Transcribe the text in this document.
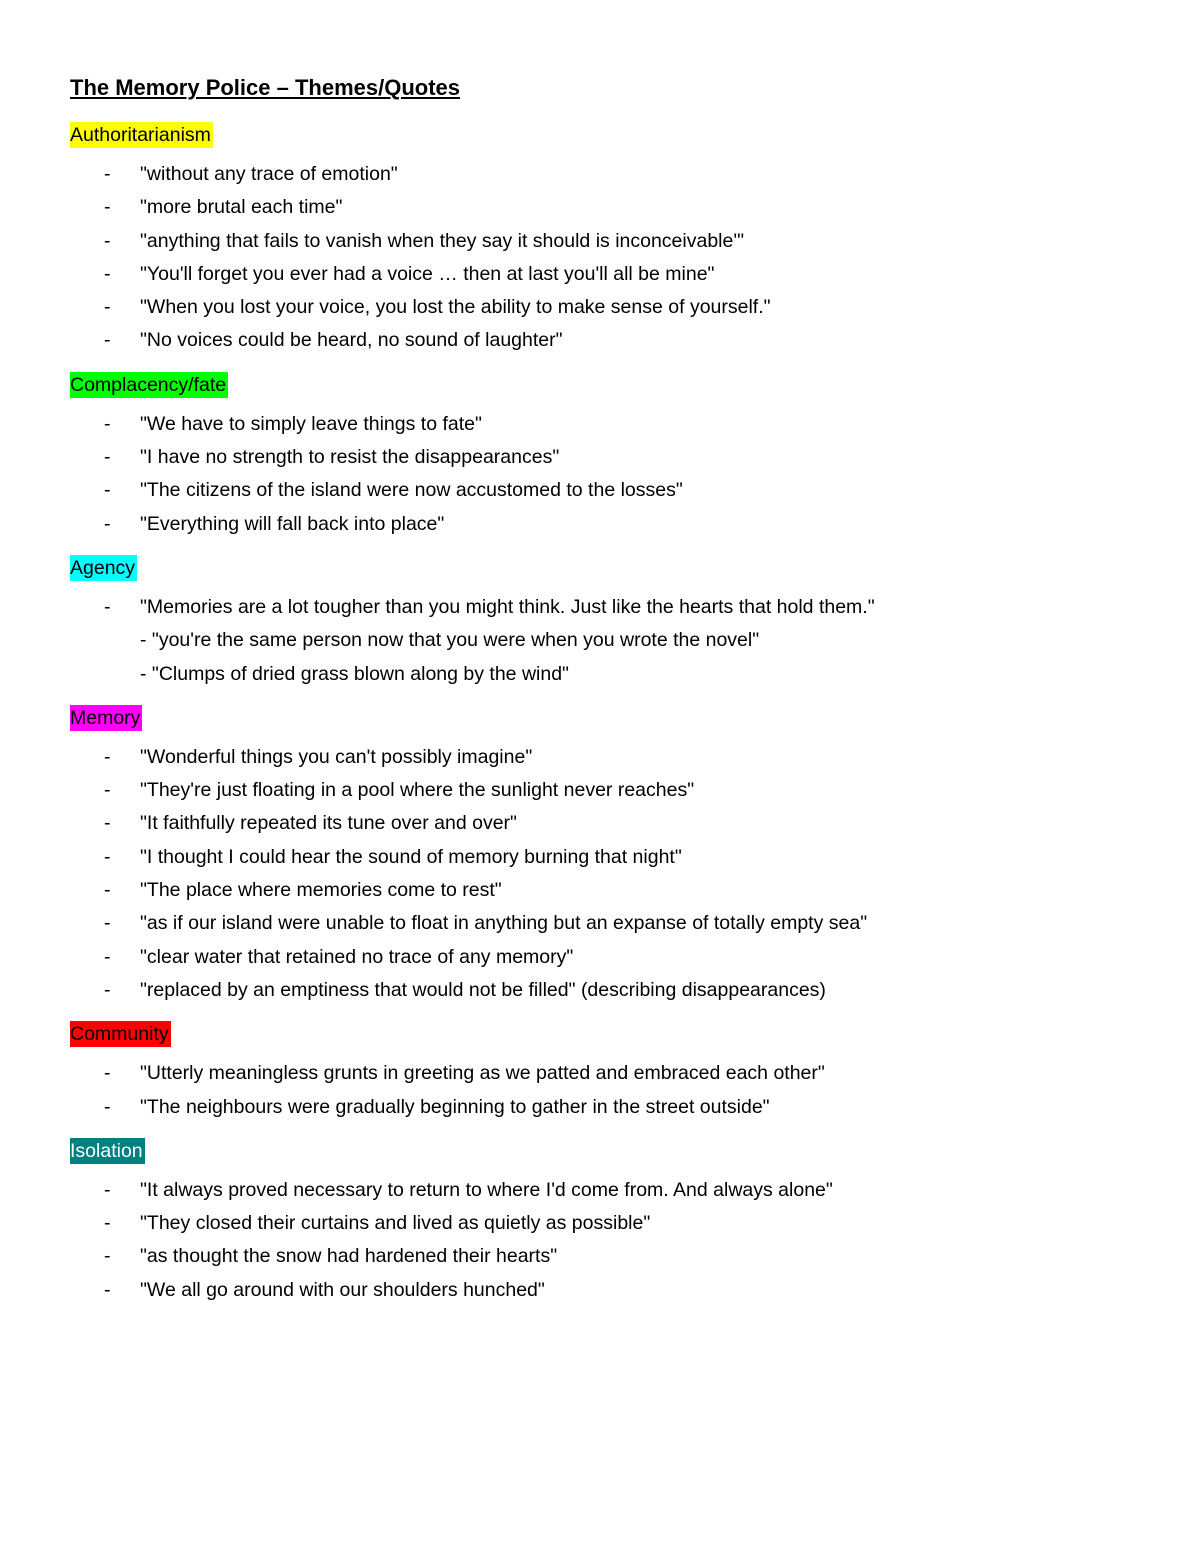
The Memory Police – Themes/Quotes
Authoritarianism
- "without any trace of emotion"
- "more brutal each time"
- "anything that fails to vanish when they say it should is inconceivable'"
- "You'll forget you ever had a voice … then at last you'll all be mine"
- "When you lost your voice, you lost the ability to make sense of yourself."
- "No voices could be heard, no sound of laughter"
Complacency/fate
- "We have to simply leave things to fate"
- "I have no strength to resist the disappearances"
- "The citizens of the island were now accustomed to the losses"
- "Everything will fall back into place"
Agency
- "Memories are a lot tougher than you might think. Just like the hearts that hold them."
- "you're the same person now that you were when you wrote the novel"
- "Clumps of dried grass blown along by the wind"
Memory
- "Wonderful things you can't possibly imagine"
- "They're just floating in a pool where the sunlight never reaches"
- "It faithfully repeated its tune over and over"
- "I thought I could hear the sound of memory burning that night"
- "The place where memories come to rest"
- "as if our island were unable to float in anything but an expanse of totally empty sea"
- "clear water that retained no trace of any memory"
- "replaced by an emptiness that would not be filled" (describing disappearances)
Community
- "Utterly meaningless grunts in greeting as we patted and embraced each other"
- "The neighbours were gradually beginning to gather in the street outside"
Isolation
- "It always proved necessary to return to where I'd come from. And always alone"
- "They closed their curtains and lived as quietly as possible"
- "as thought the snow had hardened their hearts"
- "We all go around with our shoulders hunched"
